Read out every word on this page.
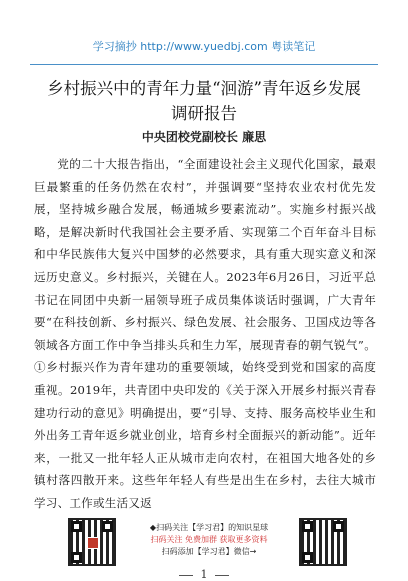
学习摘抄 http://www.yuedbj.com 粤读笔记
乡村振兴中的青年力量“洄游”青年返乡发展
调研报告
中央团校党副校长 廉思

党的二十大报告指出，“全面建设社会主义现代化国家，最艰巨最繁重的任务仍然在农村”，并强调要“坚持农业农村优先发展，坚持城乡融合发展，畅通城乡要素流动”。实施乡村振兴战略，是解决新时代我国社会主要矛盾、实现第二个百年奋斗目标和中华民族伟大复兴中国梦的必然要求，具有重大现实意义和深远历史意义。乡村振兴，关键在人。2023年6月26日，习近平总书记在同团中央新一届领导班子成员集体谈话时强调，广大青年要“在科技创新、乡村振兴、绿色发展、社会服务、卫国戍边等各领域各方面工作中争当排头兵和生力军，展现青春的朝气锐气”。①乡村振兴作为青年建功的重要领域，始终受到党和国家的高度重视。2019年，共青团中央印发的《关于深入开展乡村振兴青春建功行动的意见》明确提出，要“引导、支持、服务高校毕业生和外出务工青年返乡就业创业，培育乡村全面振兴的新动能”。近年来，一批又一批年轻人正从城市走向农村，在祖国大地各处的乡镇村落四散开来。这些年年轻人有些是出生在乡村，去往大城市学习、工作或生活又返

◆扫码关注【学习君】的知识星球
扫码关注 免费加群 获取更多资料
扫码添加【学习君】微信→
1
